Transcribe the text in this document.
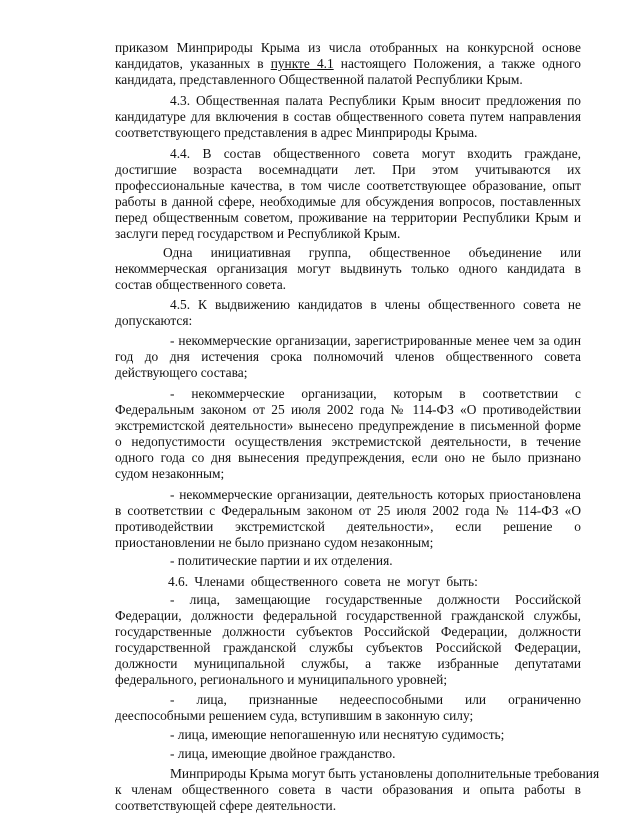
приказом Минприроды Крыма из числа отобранных на конкурсной основе
кандидатов, указанных в пункте 4.1 настоящего Положения, а также одного
кандидата, представленного Общественной палатой Республики Крым.
4.3. Общественная палата Республики Крым вносит предложения по
кандидатуре для включения в состав общественного совета путем направления
соответствующего представления в адрес Минприроды Крыма.
4.4. В состав общественного совета могут входить граждане,
достигшие возраста восемнадцати лет. При этом учитываются их
профессиональные качества, в том числе соответствующее образование, опыт
работы в данной сфере, необходимые для обсуждения вопросов, поставленных
перед общественным советом, проживание на территории Республики Крым и
заслуги перед государством и Республикой Крым.
Одна инициативная группа, общественное объединение или
некоммерческая организация могут выдвинуть только одного кандидата в
состав общественного совета.
4.5. К выдвижению кандидатов в члены общественного совета не
допускаются:
- некоммерческие организации, зарегистрированные менее чем за один
год до дня истечения срока полномочий членов общественного совета
действующего состава;
- некоммерческие организации, которым в соответствии с
Федеральным законом от 25 июля 2002 года № 114-ФЗ «О противодействии
экстремистской деятельности» вынесено предупреждение в письменной форме
о недопустимости осуществления экстремистской деятельности, в течение
одного года со дня вынесения предупреждения, если оно не было признано
судом незаконным;
- некоммерческие организации, деятельность которых приостановлена
в соответствии с Федеральным законом от 25 июля 2002 года № 114-ФЗ «О
противодействии экстремистской деятельности», если решение о
приостановлении не было признано судом незаконным;
- политические партии и их отделения.
4.6. Членами общественного совета не могут быть:
- лица, замещающие государственные должности Российской
Федерации, должности федеральной государственной гражданской службы,
государственные должности субъектов Российской Федерации, должности
государственной гражданской службы субъектов Российской Федерации,
должности муниципальной службы, а также избранные депутатами
федерального, регионального и муниципального уровней;
- лица, признанные недееспособными или ограниченно
дееспособными решением суда, вступившим в законную силу;
- лица, имеющие непогашенную или неснятую судимость;
- лица, имеющие двойное гражданство.
Минприроды Крыма могут быть установлены дополнительные требования
к членам общественного совета в части образования и опыта работы в
соответствующей сфере деятельности.
